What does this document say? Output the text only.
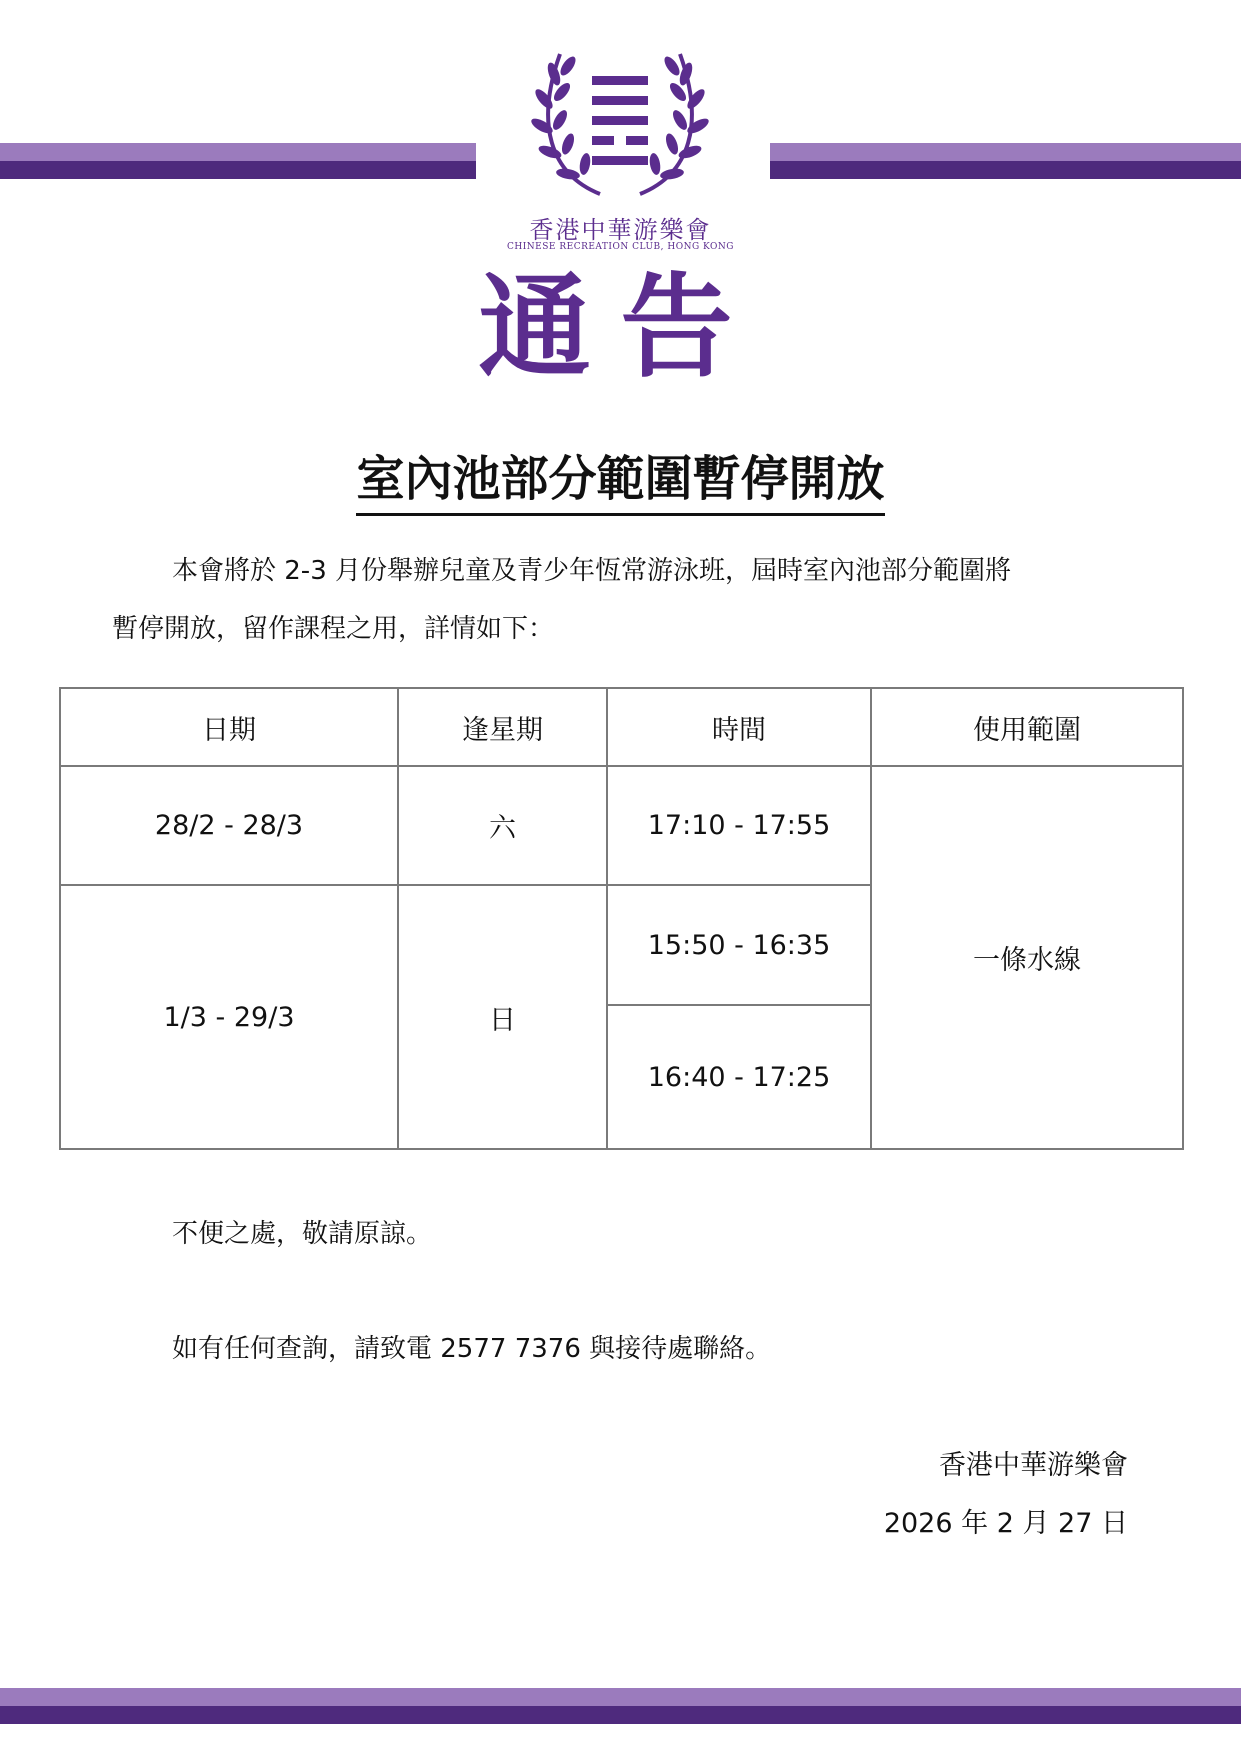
香港中華游樂會
CHINESE RECREATION CLUB, HONG KONG
通告
室內池部分範圍暫停開放
本會將於 2-3 月份舉辦兒童及青少年恆常游泳班，屆時室內池部分範圍將
暫停開放，留作課程之用，詳情如下：
日期	逢星期	時間	使用範圍
28/2 - 28/3	六	17:10 - 17:55	一條水線
1/3 - 29/3	日	15:50 - 16:35	
		16:40 - 17:25	
不便之處，敬請原諒。
如有任何查詢，請致電 2577 7376 與接待處聯絡。
香港中華游樂會
2026 年 2 月 27 日
